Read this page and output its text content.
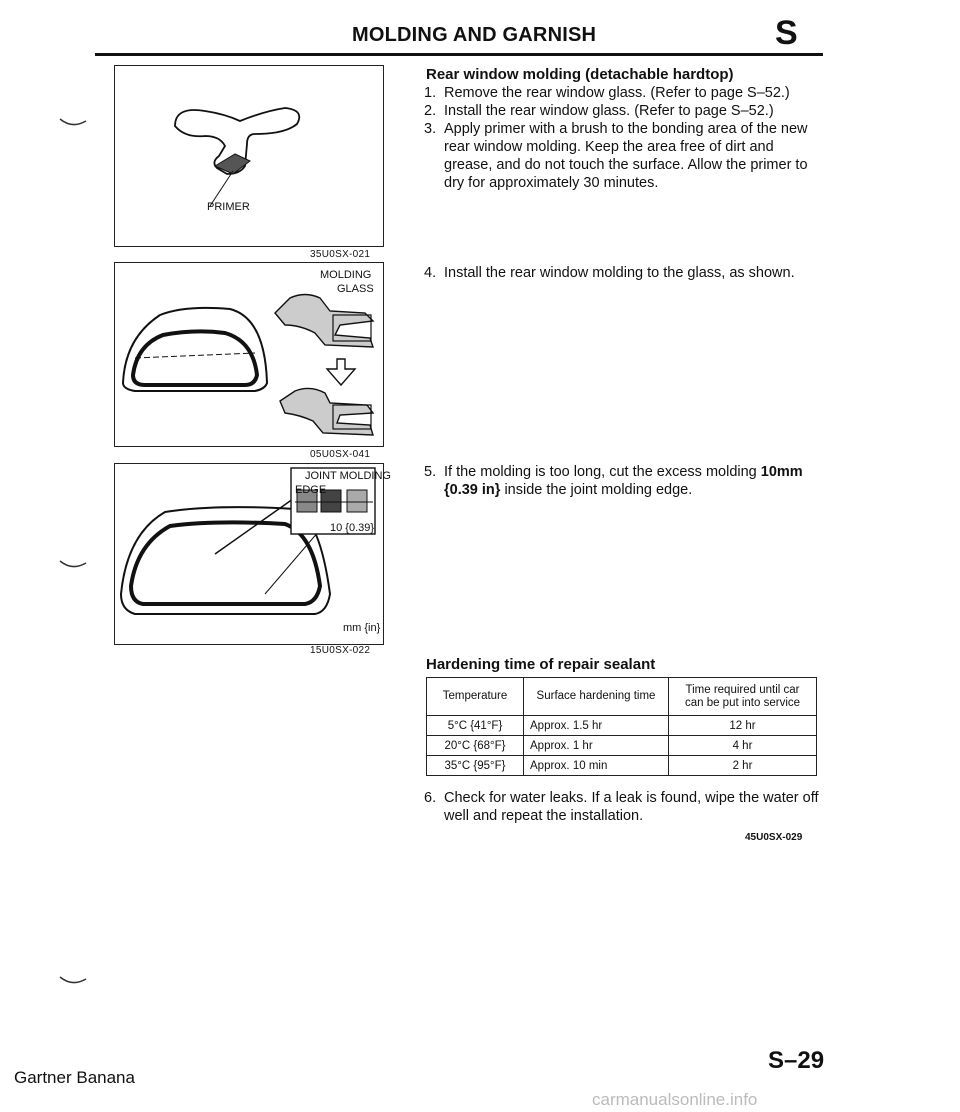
MOLDING AND GARNISH	S
PRIMER
35U0SX-021
MOLDING
GLASS
05U0SX-041
JOINT MOLDING
EDGE
10 {0.39}
mm {in}
15U0SX-022
Rear window molding (detachable hardtop)
1. Remove the rear window glass. (Refer to page S–52.)
2. Install the rear window glass. (Refer to page S–52.)
3. Apply primer with a brush to the bonding area of the new rear window molding. Keep the area free of dirt and grease, and do not touch the surface. Allow the primer to dry for approximately 30 minutes.
4. Install the rear window molding to the glass, as shown.
5. If the molding is too long, cut the excess molding 10mm {0.39 in} inside the joint molding edge.
Hardening time of repair sealant
Temperature	Surface hardening time	Time required until car can be put into service
5°C {41°F}	Approx. 1.5 hr	12 hr
20°C {68°F}	Approx. 1 hr	4 hr
35°C {95°F}	Approx. 10 min	2 hr
6. Check for water leaks. If a leak is found, wipe the water off well and repeat the installation.
45U0SX-029
Gartner Banana
S–29
carmanualsonline.info
